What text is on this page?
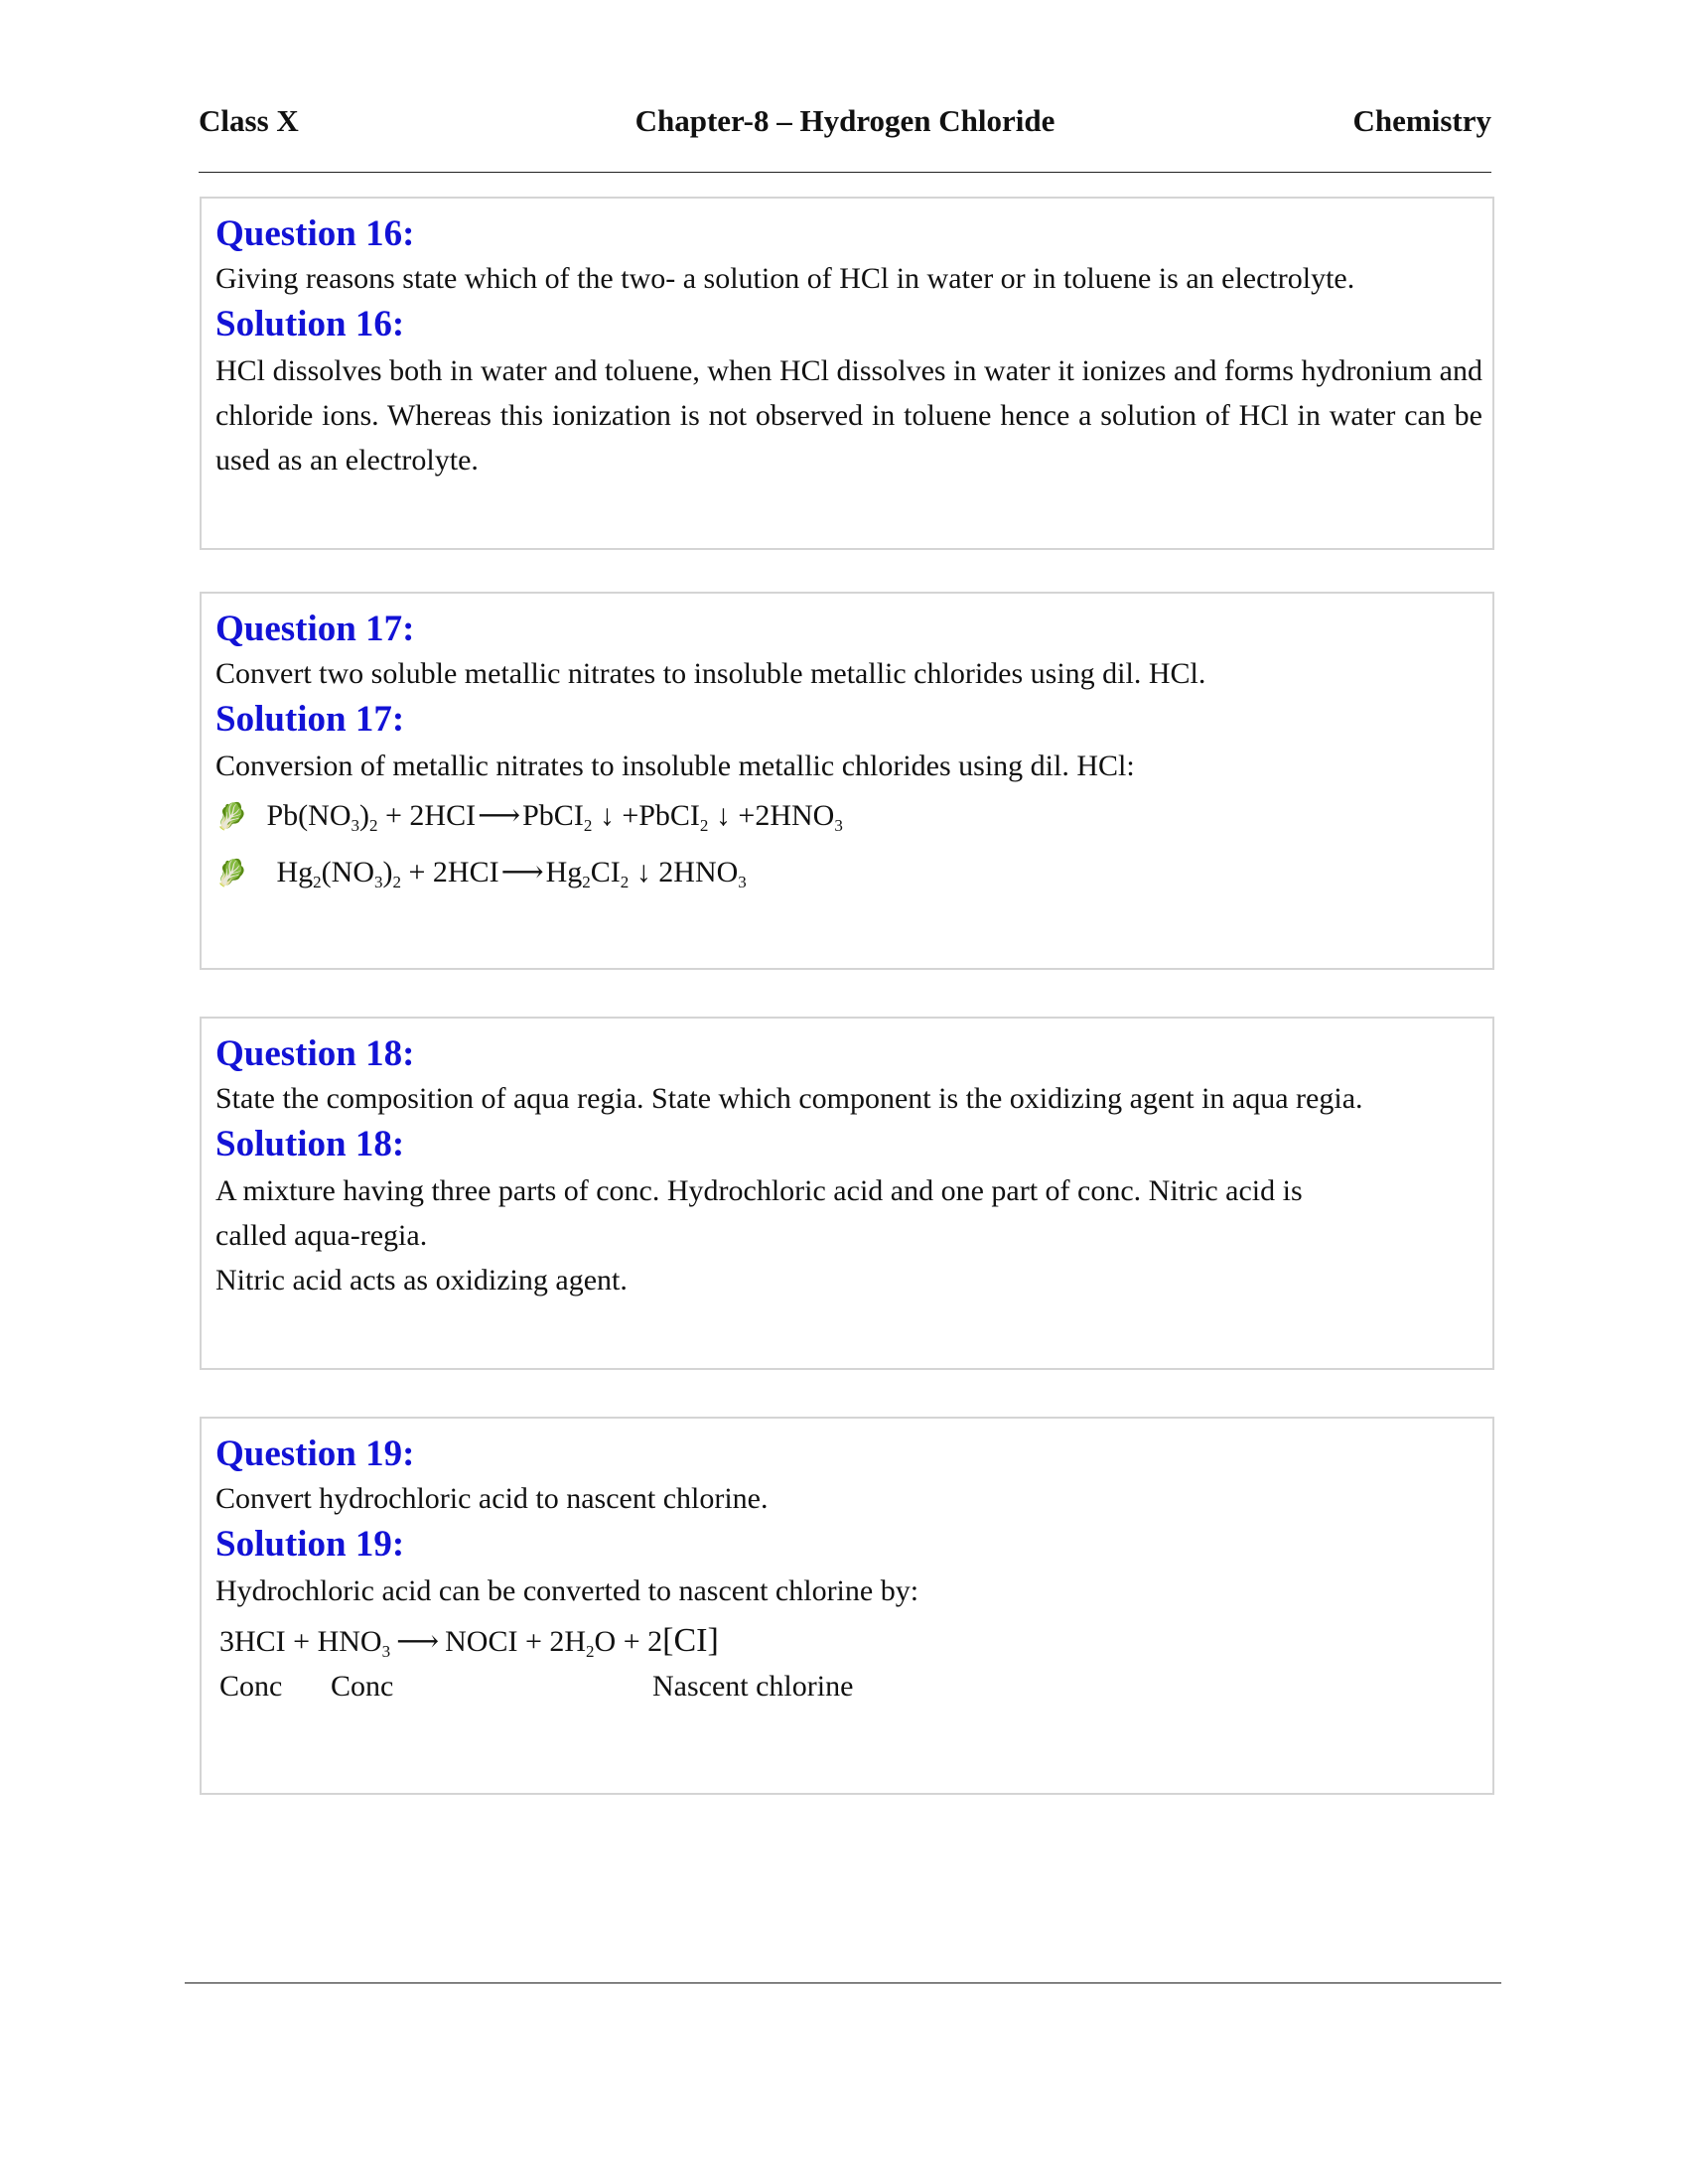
Class X	Chapter-8 – Hydrogen Chloride	Chemistry
Question 16:
Giving reasons state which of the two- a solution of HCl in water or in toluene is an electrolyte.
Solution 16:
HCl dissolves both in water and toluene, when HCl dissolves in water it ionizes and forms hydronium and chloride ions. Whereas this ionization is not observed in toluene hence a solution of HCl in water can be used as an electrolyte.
Question 17:
Convert two soluble metallic nitrates to insoluble metallic chlorides using dil. HCl.
Solution 17:
Conversion of metallic nitrates to insoluble metallic chlorides using dil. HCl:
🥬 $Pb(NO_3)_2$ + 2HCI⟶PbCI$_2$ ↓ +PbCI$_2$ ↓ $+2HNO_3$
🥬 $Hg_2(NO_3)_2$ + $2HCI⟶Hg_2CI_2$ ↓ $2HNO_3$
Question 18:
State the composition of aqua regia. State which component is the oxidizing agent in aqua regia.
Solution 18:
A mixture having three parts of conc. Hydrochloric acid and one part of conc. Nitric acid is
called aqua-regia.
Nitric acid acts as oxidizing agent.
Question 19:
Convert hydrochloric acid to nascent chlorine.
Solution 19:
Hydrochloric acid can be converted to nascent chlorine by:
$3HCI + HNO_3$ ⟶ NOCI + $2H_2O + 2[CI]$
Conc Conc	Nascent chlorine
